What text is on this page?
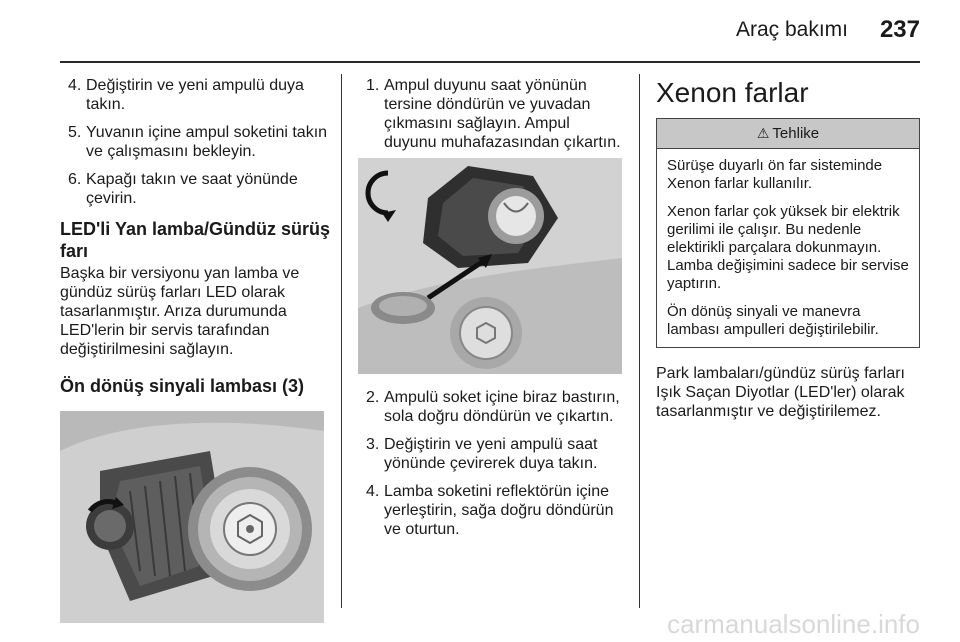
Araç bakımı 237
4. Değiştirin ve yeni ampulü duya takın.
5. Yuvanın içine ampul soketini takın ve çalışmasını bekleyin.
6. Kapağı takın ve saat yönünde çevirin.
LED'li Yan lamba/Gündüz sürüş farı

Başka bir versiyonu yan lamba ve gündüz sürüş farları LED olarak tasarlanmıştır. Arıza durumunda LED'lerin bir servis tarafından değiştirilmesini sağlayın.

Ön dönüş sinyali lambası (3)
1. Ampul duyunu saat yönünün tersine döndürün ve yuvadan çıkmasını sağlayın. Ampul duyunu muhafazasından çıkartın.
2. Ampulü soket içine biraz bastırın, sola doğru döndürün ve çıkartın.
3. Değiştirin ve yeni ampulü saat yönünde çevirerek duya takın.
4. Lamba soketini reflektörün içine yerleştirin, sağa doğru döndürün ve oturtun.
Xenon farlar
⚠ Tehlike

Sürüşe duyarlı ön far sisteminde Xenon farlar kullanılır.

Xenon farlar çok yüksek bir elektrik gerilimi ile çalışır. Bu nedenle elektirikli parçalara dokunmayın. Lamba değişimini sadece bir servise yaptırın.

Ön dönüş sinyali ve manevra lambası ampulleri değiştirilebilir.

Park lambaları/gündüz sürüş farları Işık Saçan Diyotlar (LED'ler) olarak tasarlanmıştır ve değiştirilemez.

carmanualsonline.info
